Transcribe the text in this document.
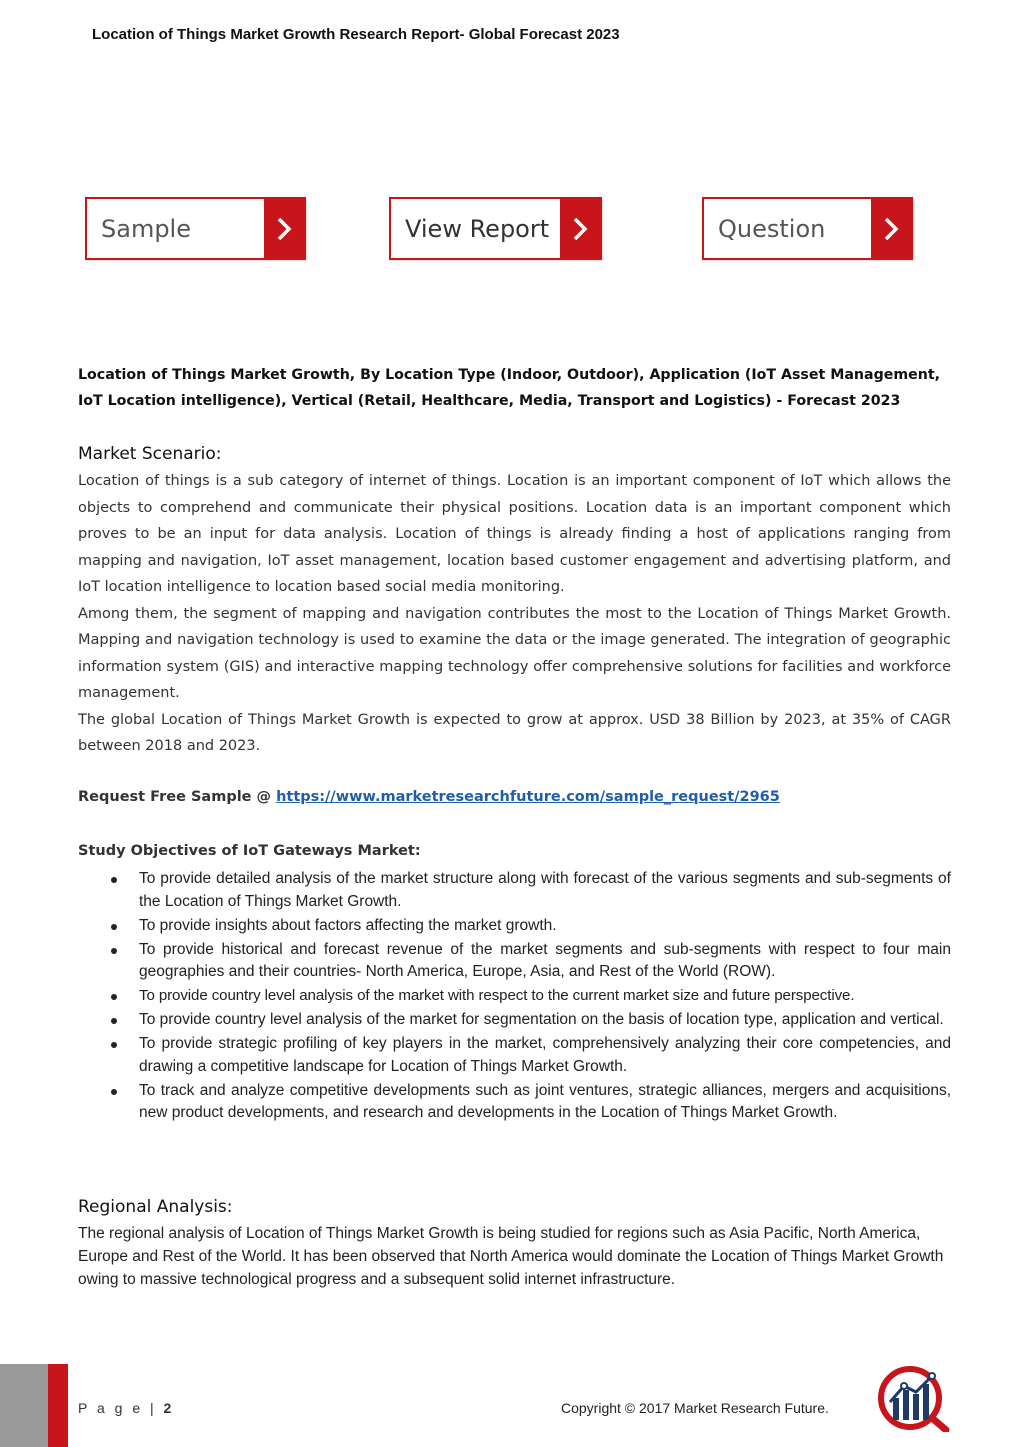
Location of Things Market Growth Research Report- Global Forecast 2023
Sample	View Report	Question
Location of Things Market Growth, By Location Type (Indoor, Outdoor), Application (IoT Asset Management, IoT Location intelligence), Vertical (Retail, Healthcare, Media, Transport and Logistics) - Forecast 2023
Market Scenario:

Location of things is a sub category of internet of things. Location is an important component of IoT which allows the objects to comprehend and communicate their physical positions. Location data is an important component which proves to be an input for data analysis. Location of things is already finding a host of applications ranging from mapping and navigation, IoT asset management, location based customer engagement and advertising platform, and IoT location intelligence to location based social media monitoring.

Among them, the segment of mapping and navigation contributes the most to the Location of Things Market Growth. Mapping and navigation technology is used to examine the data or the image generated. The integration of geographic information system (GIS) and interactive mapping technology offer comprehensive solutions for facilities and workforce management.

The global Location of Things Market Growth is expected to grow at approx. USD 38 Billion by 2023, at 35% of CAGR between 2018 and 2023.

Request Free Sample @ https://www.marketresearchfuture.com/sample_request/2965
Study Objectives of IoT Gateways Market:
To provide detailed analysis of the market structure along with forecast of the various segments and sub-segments of the Location of Things Market Growth.
To provide insights about factors affecting the market growth.
To provide historical and forecast revenue of the market segments and sub-segments with respect to four main geographies and their countries- North America, Europe, Asia, and Rest of the World (ROW).
To provide country level analysis of the market with respect to the current market size and future perspective.
To provide country level analysis of the market for segmentation on the basis of location type, application and vertical.
To provide strategic profiling of key players in the market, comprehensively analyzing their core competencies, and drawing a competitive landscape for Location of Things Market Growth.
To track and analyze competitive developments such as joint ventures, strategic alliances, mergers and acquisitions, new product developments, and research and developments in the Location of Things Market Growth.
Regional Analysis:
The regional analysis of Location of Things Market Growth is being studied for regions such as Asia Pacific, North America, Europe and Rest of the World. It has been observed that North America would dominate the Location of Things Market Growth owing to massive technological progress and a subsequent solid internet infrastructure.
P a g e | 2	Copyright © 2017 Market Research Future.
